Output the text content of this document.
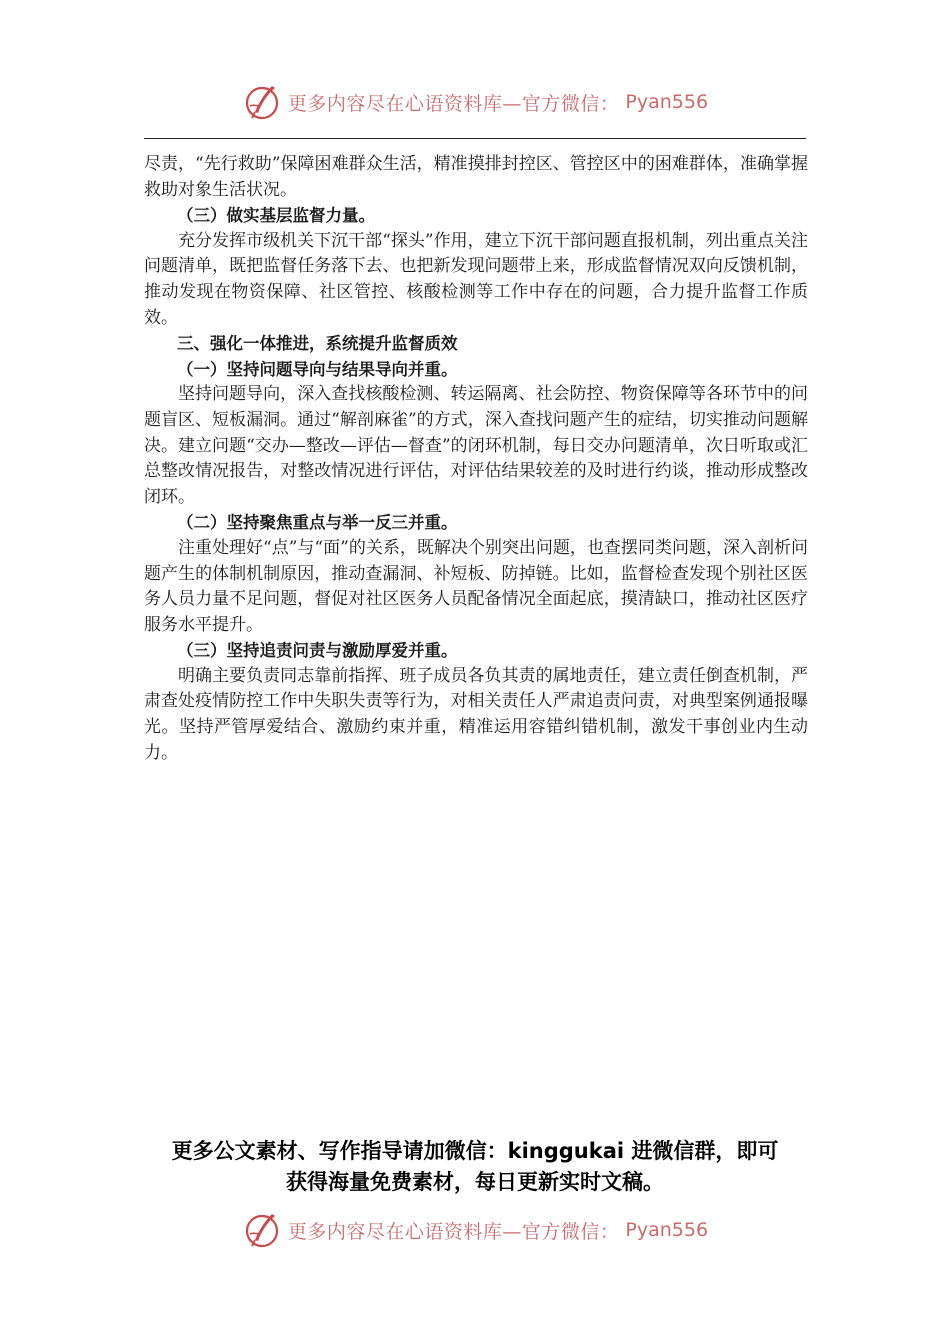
更多内容尽在心语资料库—官方微信： Pyan556

尽责，“先行救助”保障困难群众生活，精准摸排封控区、管控区中的困难群体，准确掌握救助对象生活状况。

（三）做实基层监督力量。

充分发挥市级机关下沉干部“探头”作用，建立下沉干部问题直报机制，列出重点关注问题清单，既把监督任务落下去、也把新发现问题带上来，形成监督情况双向反馈机制，推动发现在物资保障、社区管控、核酸检测等工作中存在的问题，合力提升监督工作质效。

三、强化一体推进，系统提升监督质效

（一）坚持问题导向与结果导向并重。

坚持问题导向，深入查找核酸检测、转运隔离、社会防控、物资保障等各环节中的问题盲区、短板漏洞。通过“解剖麻雀”的方式，深入查找问题产生的症结，切实推动问题解决。建立问题“交办—整改—评估—督查”的闭环机制，每日交办问题清单，次日听取或汇总整改情况报告，对整改情况进行评估，对评估结果较差的及时进行约谈，推动形成整改闭环。

（二）坚持聚焦重点与举一反三并重。

注重处理好“点”与“面”的关系，既解决个别突出问题，也查摆同类问题，深入剖析问题产生的体制机制原因，推动查漏洞、补短板、防掉链。比如，监督检查发现个别社区医务人员力量不足问题，督促对社区医务人员配备情况全面起底，摸清缺口，推动社区医疗服务水平提升。

（三）坚持追责问责与激励厚爱并重。

明确主要负责同志靠前指挥、班子成员各负其责的属地责任，建立责任倒查机制，严肃查处疫情防控工作中失职失责等行为，对相关责任人严肃追责问责，对典型案例通报曝光。坚持严管厚爱结合、激励约束并重，精准运用容错纠错机制，激发干事创业内生动力。

更多公文素材、写作指导请加微信：kinggukai 进微信群，即可
获得海量免费素材，每日更新实时文稿。
更多内容尽在心语资料库—官方微信： Pyan556
